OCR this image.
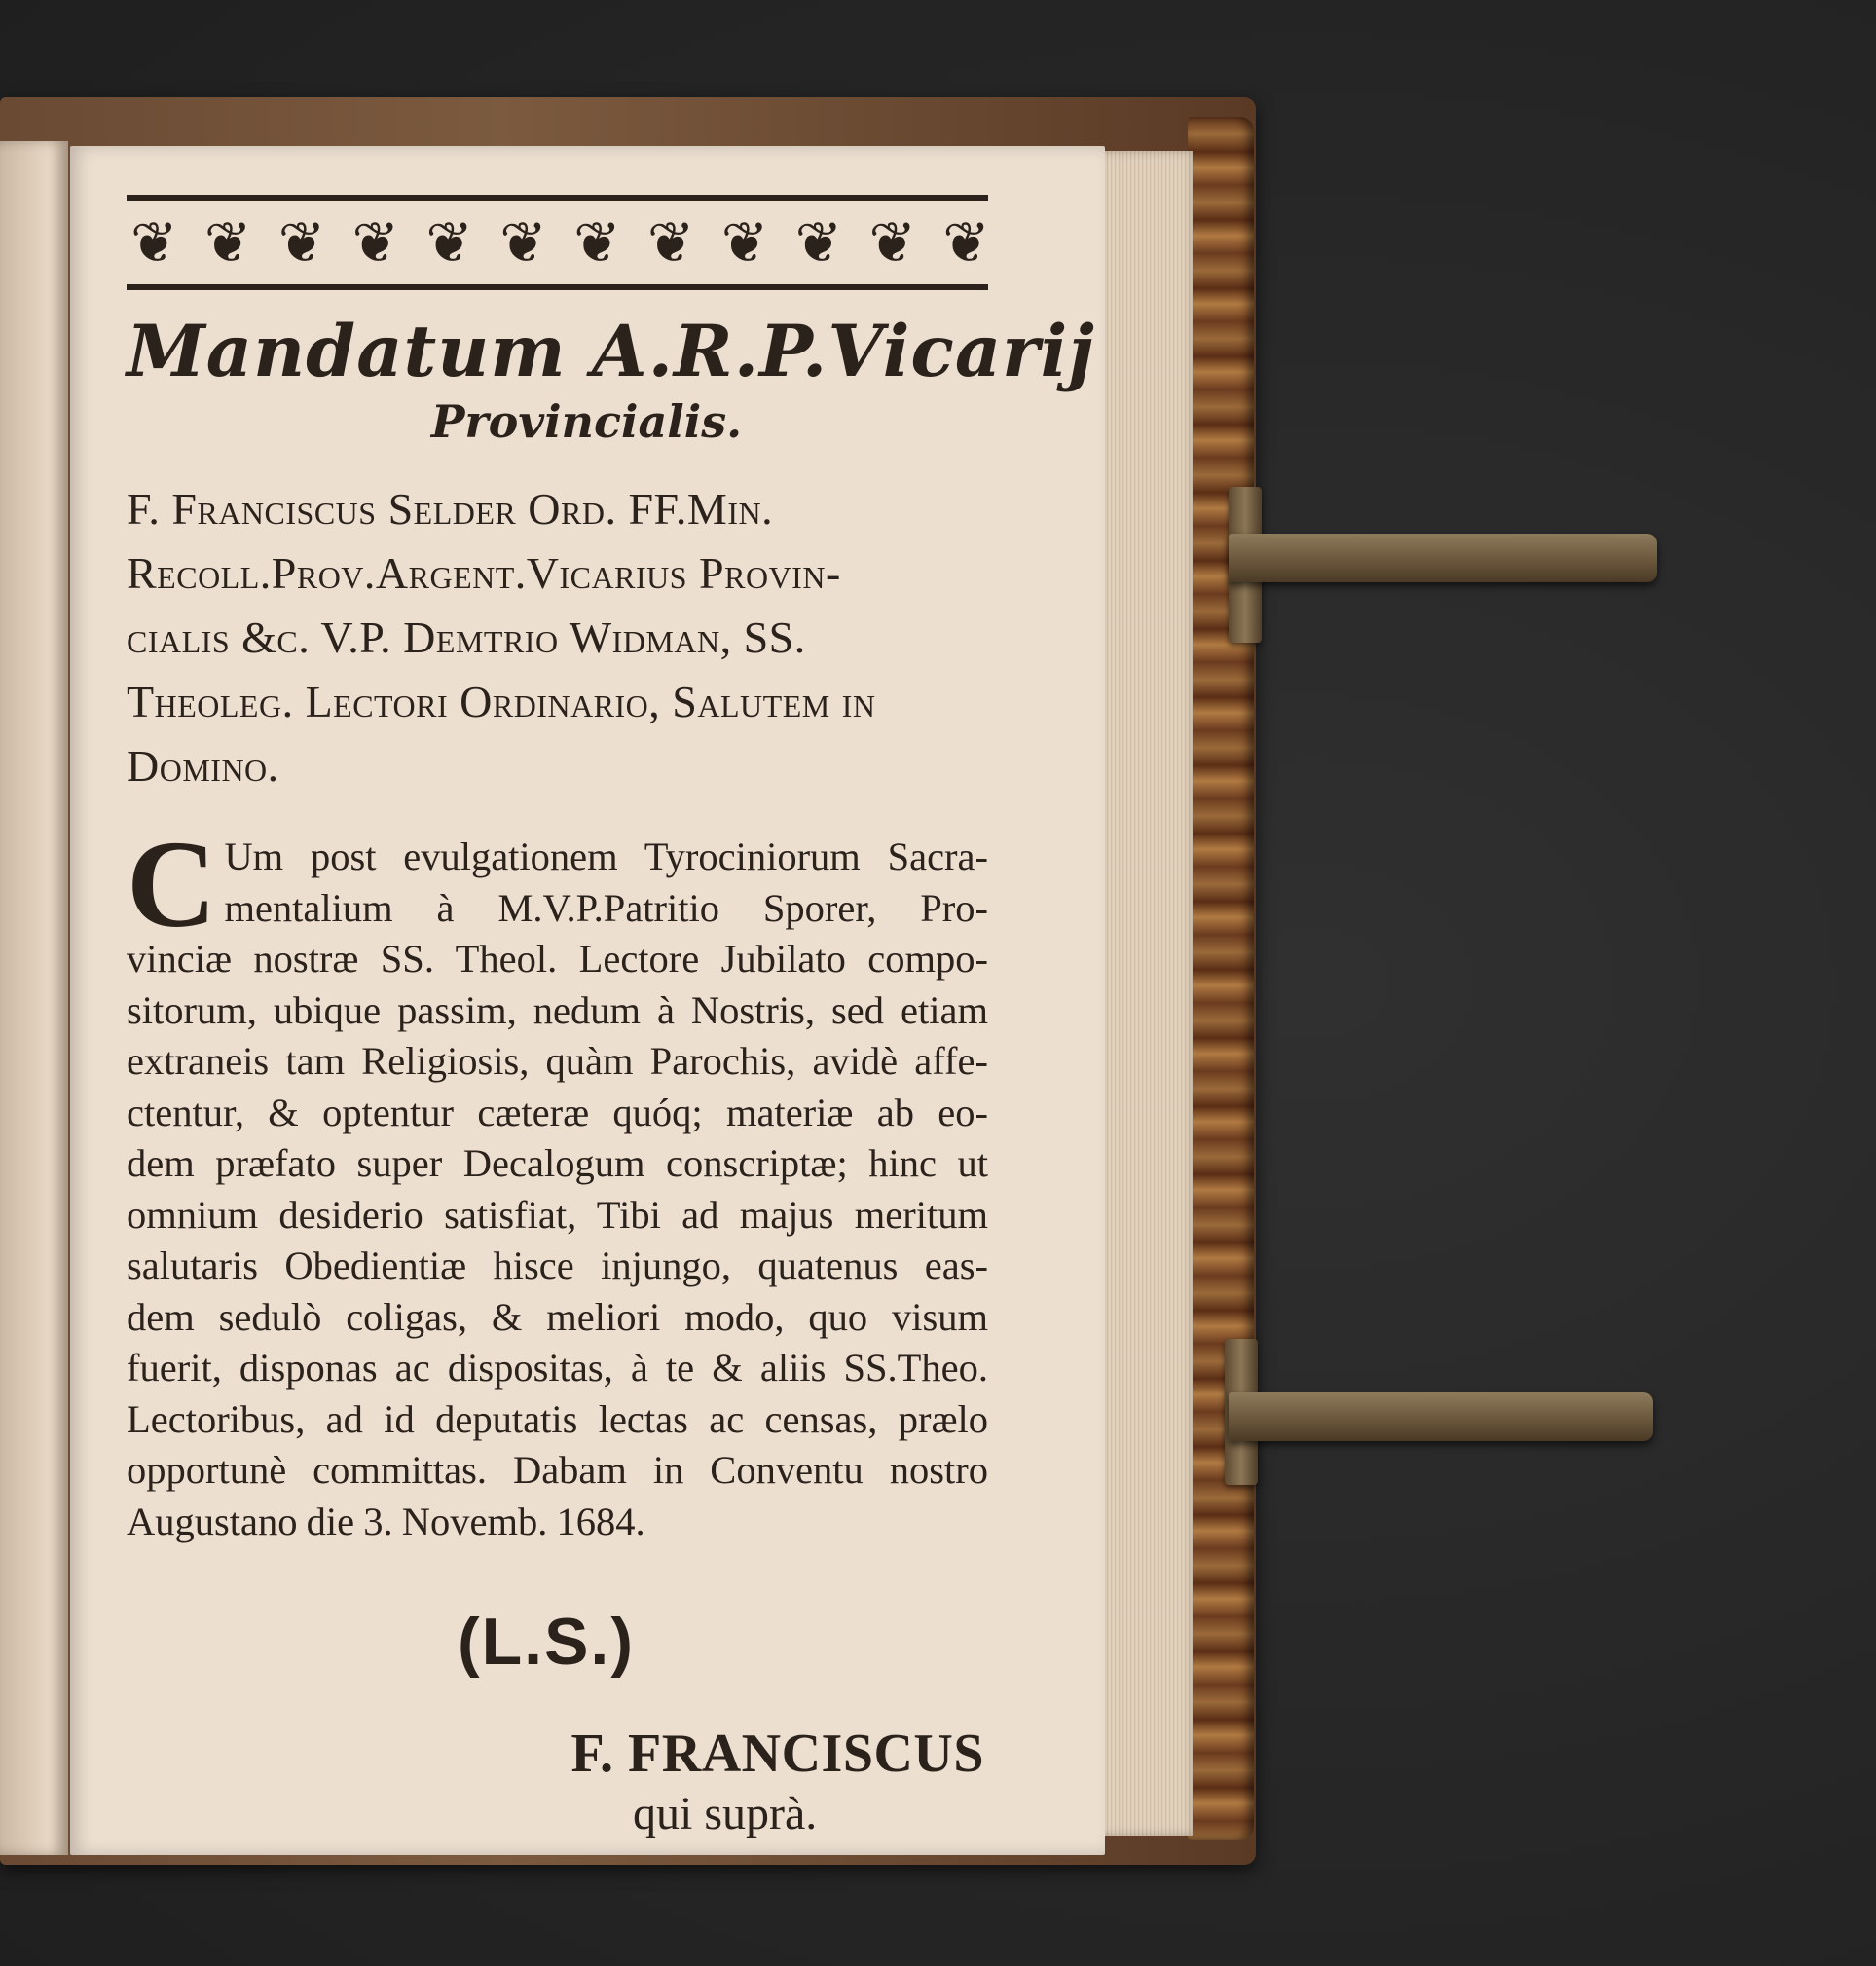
❦ ❦ ❦ ❦ ❦ ❦ ❦ ❦ ❦ ❦ ❦ ❦
Mandatum A.R.P.Vicarij
Provincialis.
F. Franciscus Selder Ord. FF.Min.
Recoll.Prov.Argent.Vicarius Provin-
cialis &c. V.P. Demtrio Widman, SS.
Theoleg. Lectori Ordinario, Salutem in
Domino.
C Um post evulgationem Tyrociniorum Sacra-
mentalium à M.V.P.Patritio Sporer, Pro-
vinciæ nostræ SS. Theol. Lectore Jubilato compo-
sitorum, ubique passim, nedum à Nostris, sed etiam
extraneis tam Religiosis, quàm Parochis, avidè affe-
ctentur, & optentur cæteræ quóq; materiæ ab eo-
dem præfato super Decalogum conscriptæ; hinc ut
omnium desiderio satisfiat, Tibi ad majus meritum
salutaris Obedientiæ hisce injungo, quatenus eas-
dem sedulò coligas, & meliori modo, quo visum
fuerit, disponas ac dispositas, à te & aliis SS.Theo.
Lectoribus, ad id deputatis lectas ac censas, prælo
opportunè committas. Dabam in Conventu nostro
Augustano die 3. Novemb. 1684.
(L.S.)
F. FRANCISCUS
qui suprà.
